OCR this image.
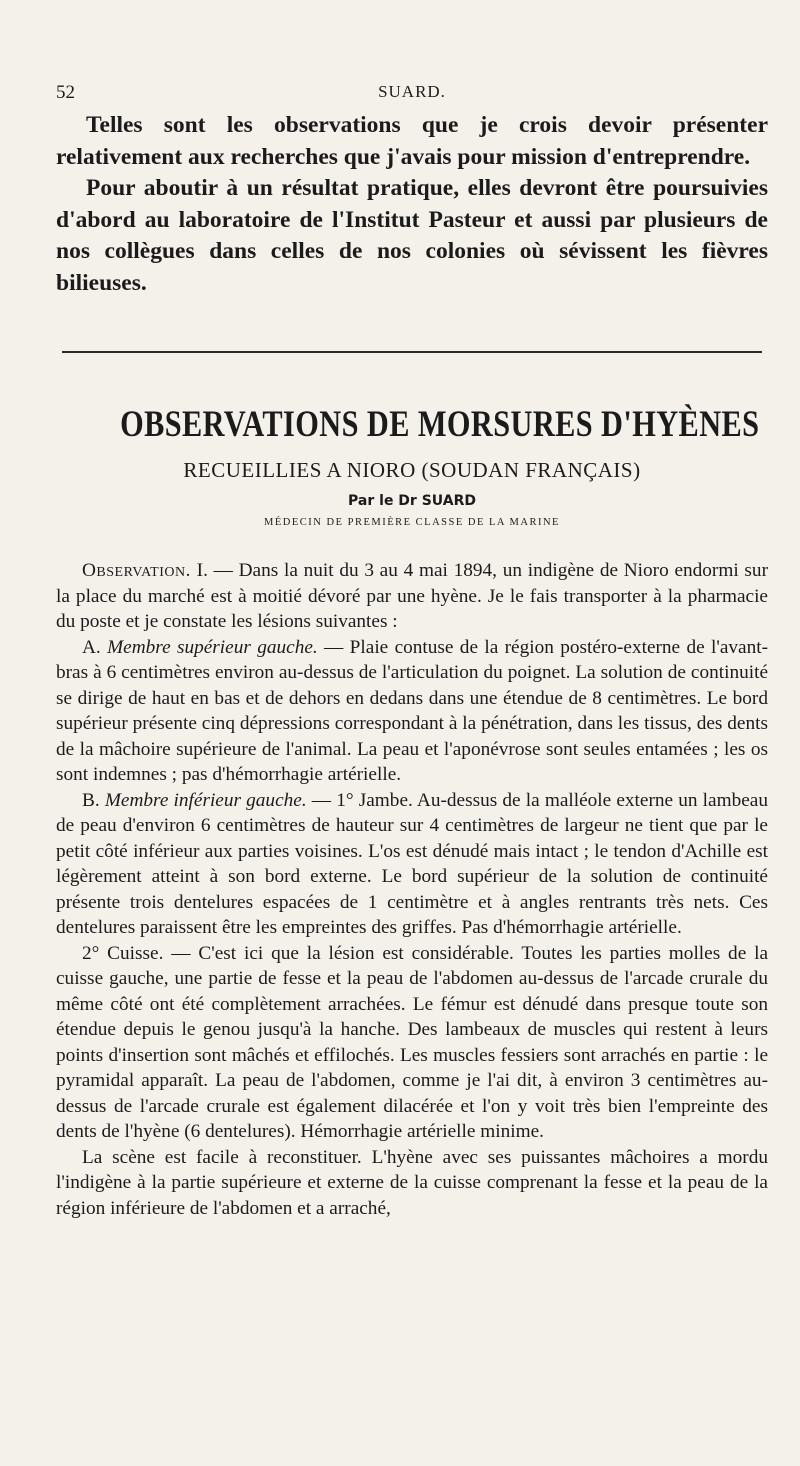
52	SUARD.

Telles sont les observations que je crois devoir présenter relativement aux recherches que j'avais pour mission d'entreprendre.

Pour aboutir à un résultat pratique, elles devront être poursuivies d'abord au laboratoire de l'Institut Pasteur et aussi par plusieurs de nos collègues dans celles de nos colonies où sévissent les fièvres bilieuses.

OBSERVATIONS DE MORSURES D'HYÈNES
RECUEILLIES A NIORO (SOUDAN FRANÇAIS)
Par le Dr SUARD
MÉDECIN DE PREMIÈRE CLASSE DE LA MARINE

Observation. I. — Dans la nuit du 3 au 4 mai 1894, un indigène de Nioro endormi sur la place du marché est à moitié dévoré par une hyène. Je le fais transporter à la pharmacie du poste et je constate les lésions suivantes :

A. Membre supérieur gauche. — Plaie contuse de la région postéro-externe de l'avant-bras à 6 centimètres environ au-dessus de l'articulation du poignet. La solution de continuité se dirige de haut en bas et de dehors en dedans dans une étendue de 8 centimètres. Le bord supérieur présente cinq dépressions correspondant à la pénétration, dans les tissus, des dents de la mâchoire supérieure de l'animal. La peau et l'aponévrose sont seules entamées ; les os sont indemnes ; pas d'hémorrhagie artérielle.

B. Membre inférieur gauche. — 1° Jambe. Au-dessus de la malléole externe un lambeau de peau d'environ 6 centimètres de hauteur sur 4 centimètres de largeur ne tient que par le petit côté inférieur aux parties voisines. L'os est dénudé mais intact ; le tendon d'Achille est légèrement atteint à son bord externe. Le bord supérieur de la solution de continuité présente trois dentelures espacées de 1 centimètre et à angles rentrants très nets. Ces dentelures paraissent être les empreintes des griffes. Pas d'hémorrhagie artérielle.

2° Cuisse. — C'est ici que la lésion est considérable. Toutes les parties molles de la cuisse gauche, une partie de fesse et la peau de l'abdomen au-dessus de l'arcade crurale du même côté ont été complètement arrachées. Le fémur est dénudé dans presque toute son étendue depuis le genou jusqu'à la hanche. Des lambeaux de muscles qui restent à leurs points d'insertion sont mâchés et effilochés. Les muscles fessiers sont arrachés en partie : le pyramidal apparaît. La peau de l'abdomen, comme je l'ai dit, à environ 3 centimètres au-dessus de l'arcade crurale est également dilacérée et l'on y voit très bien l'empreinte des dents de l'hyène (6 dentelures). Hémorrhagie artérielle minime.

La scène est facile à reconstituer. L'hyène avec ses puissantes mâchoires a mordu l'indigène à la partie supérieure et externe de la cuisse comprenant la fesse et la peau de la région inférieure de l'abdomen et a arraché,
